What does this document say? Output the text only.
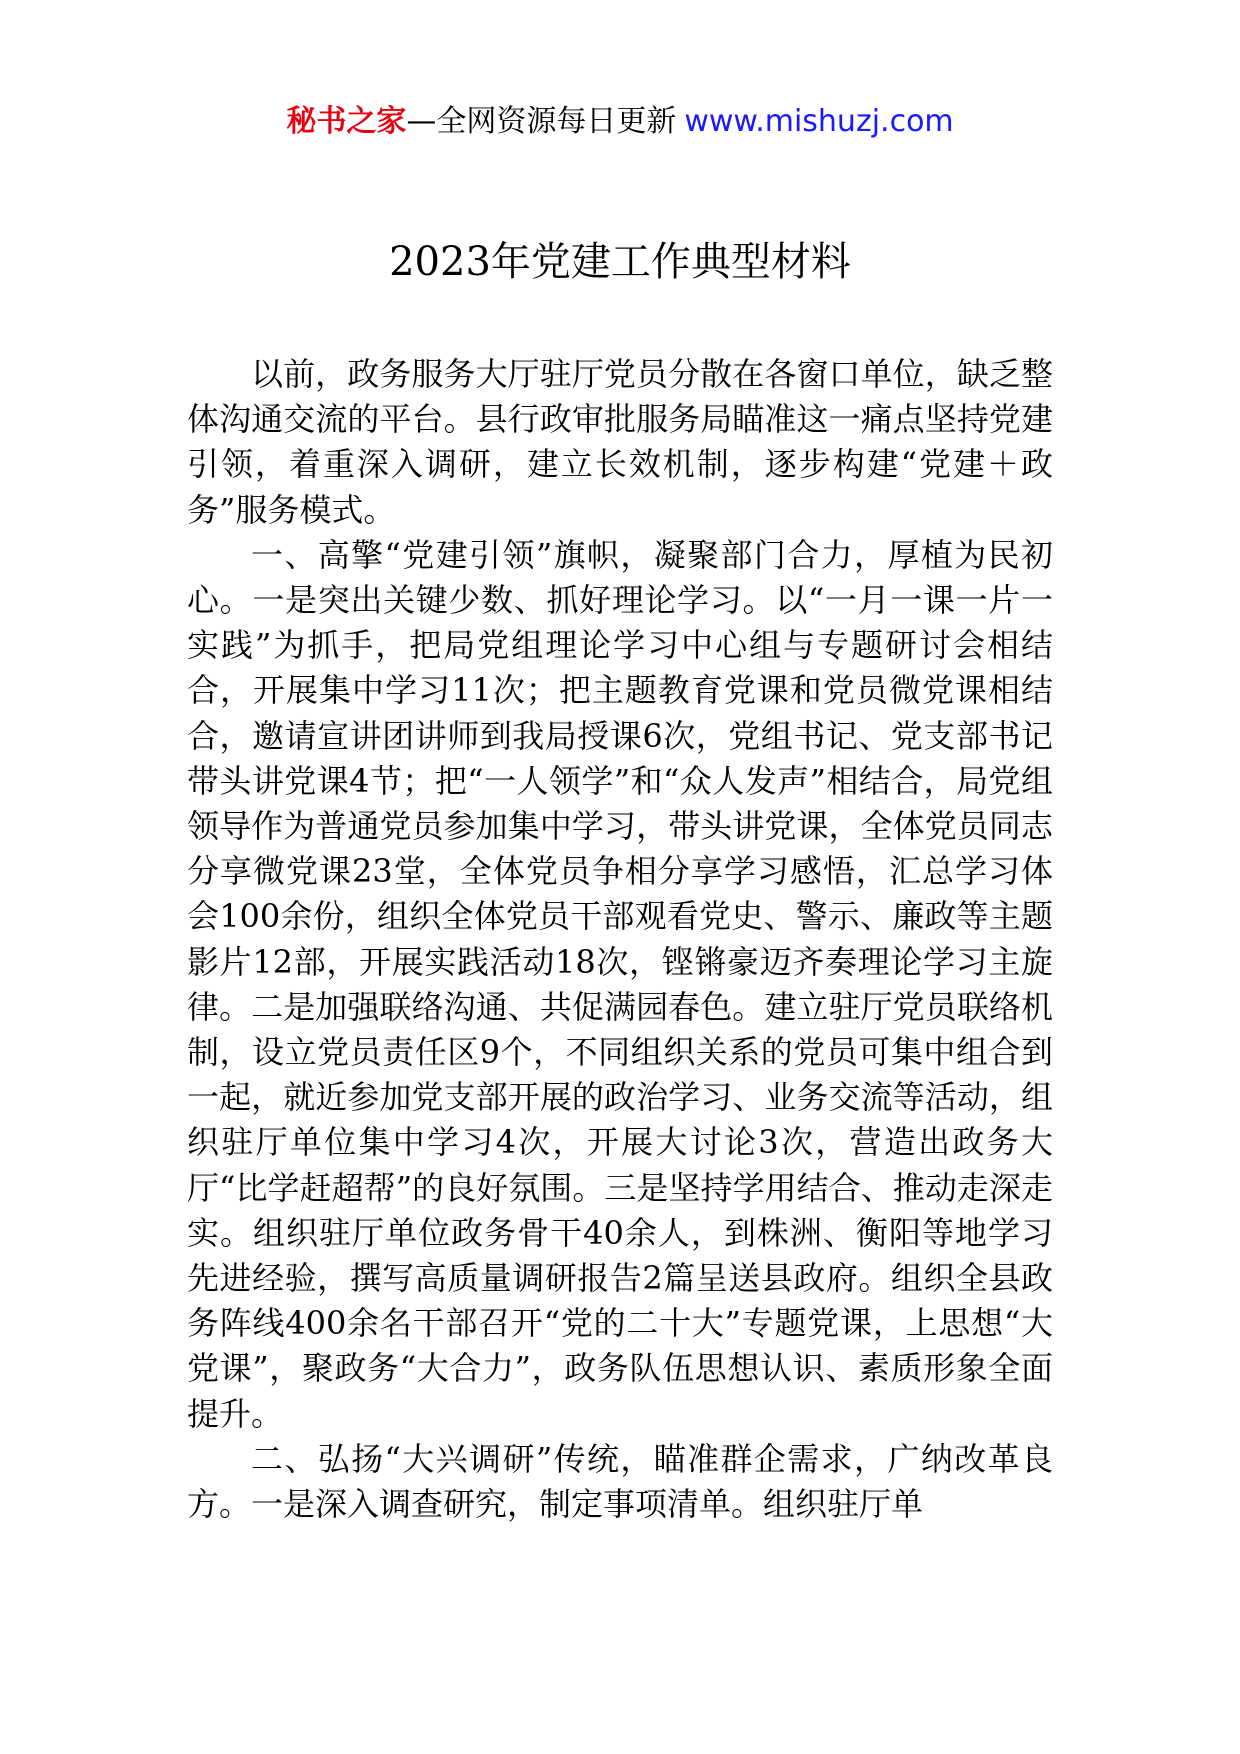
秘书之家—全网资源每日更新 www.mishuzj.com
2023年党建工作典型材料

以前，政务服务大厅驻厅党员分散在各窗口单位，缺乏整体沟通交流的平台。县行政审批服务局瞄准这一痛点坚持党建引领，着重深入调研，建立长效机制，逐步构建“党建＋政务”服务模式。

一、高擎“党建引领”旗帜，凝聚部门合力，厚植为民初心。一是突出关键少数、抓好理论学习。以“一月一课一片一实践”为抓手，把局党组理论学习中心组与专题研讨会相结合，开展集中学习11次；把主题教育党课和党员微党课相结合，邀请宣讲团讲师到我局授课6次，党组书记、党支部书记带头讲党课4节；把“一人领学”和“众人发声”相结合，局党组领导作为普通党员参加集中学习，带头讲党课，全体党员同志分享微党课23堂，全体党员争相分享学习感悟，汇总学习体会100余份，组织全体党员干部观看党史、警示、廉政等主题影片12部，开展实践活动18次，铿锵豪迈齐奏理论学习主旋律。二是加强联络沟通、共促满园春色。建立驻厅党员联络机制，设立党员责任区9个，不同组织关系的党员可集中组合到一起，就近参加党支部开展的政治学习、业务交流等活动，组织驻厅单位集中学习4次，开展大讨论3次，营造出政务大厅“比学赶超帮”的良好氛围。三是坚持学用结合、推动走深走实。组织驻厅单位政务骨干40余人，到株洲、衡阳等地学习先进经验，撰写高质量调研报告2篇呈送县政府。组织全县政务阵线400余名干部召开“党的二十大”专题党课，上思想“大党课”，聚政务“大合力”，政务队伍思想认识、素质形象全面提升。

二、弘扬“大兴调研”传统，瞄准群企需求，广纳改革良方。一是深入调查研究，制定事项清单。组织驻厅单
